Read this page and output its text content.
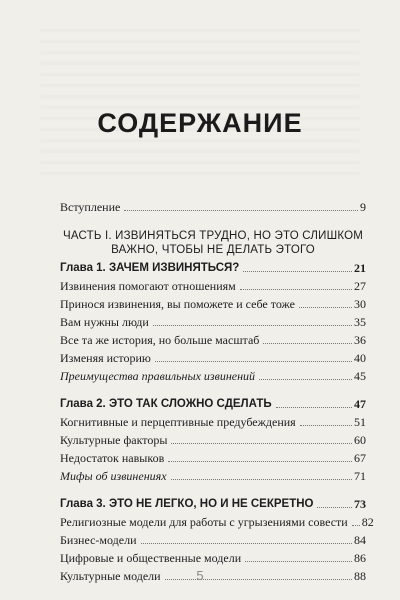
СОДЕРЖАНИЕ
Вступление	9
ЧАСТЬ I. ИЗВИНЯТЬСЯ ТРУДНО, НО ЭТО СЛИШКОМ
ВАЖНО, ЧТОБЫ НЕ ДЕЛАТЬ ЭТОГО
Глава 1. ЗАЧЕМ ИЗВИНЯТЬСЯ?	21
Извинения помогают отношениям	27
Принося извинения, вы поможете и себе тоже	30
Вам нужны люди	35
Все та же история, но больше масштаб	36
Изменяя историю	40
Преимущества правильных извинений	45
Глава 2. ЭТО ТАК СЛОЖНО СДЕЛАТЬ	47
Когнитивные и перцептивные предубеждения	51
Культурные факторы	60
Недостаток навыков	67
Мифы об извинениях	71
Глава 3. ЭТО НЕ ЛЕГКО, НО И НЕ СЕКРЕТНО	73
Религиозные модели для работы с угрызениями совести 82
Бизнес-модели	84
Цифровые и общественные модели	86
Культурные модели	88
5
